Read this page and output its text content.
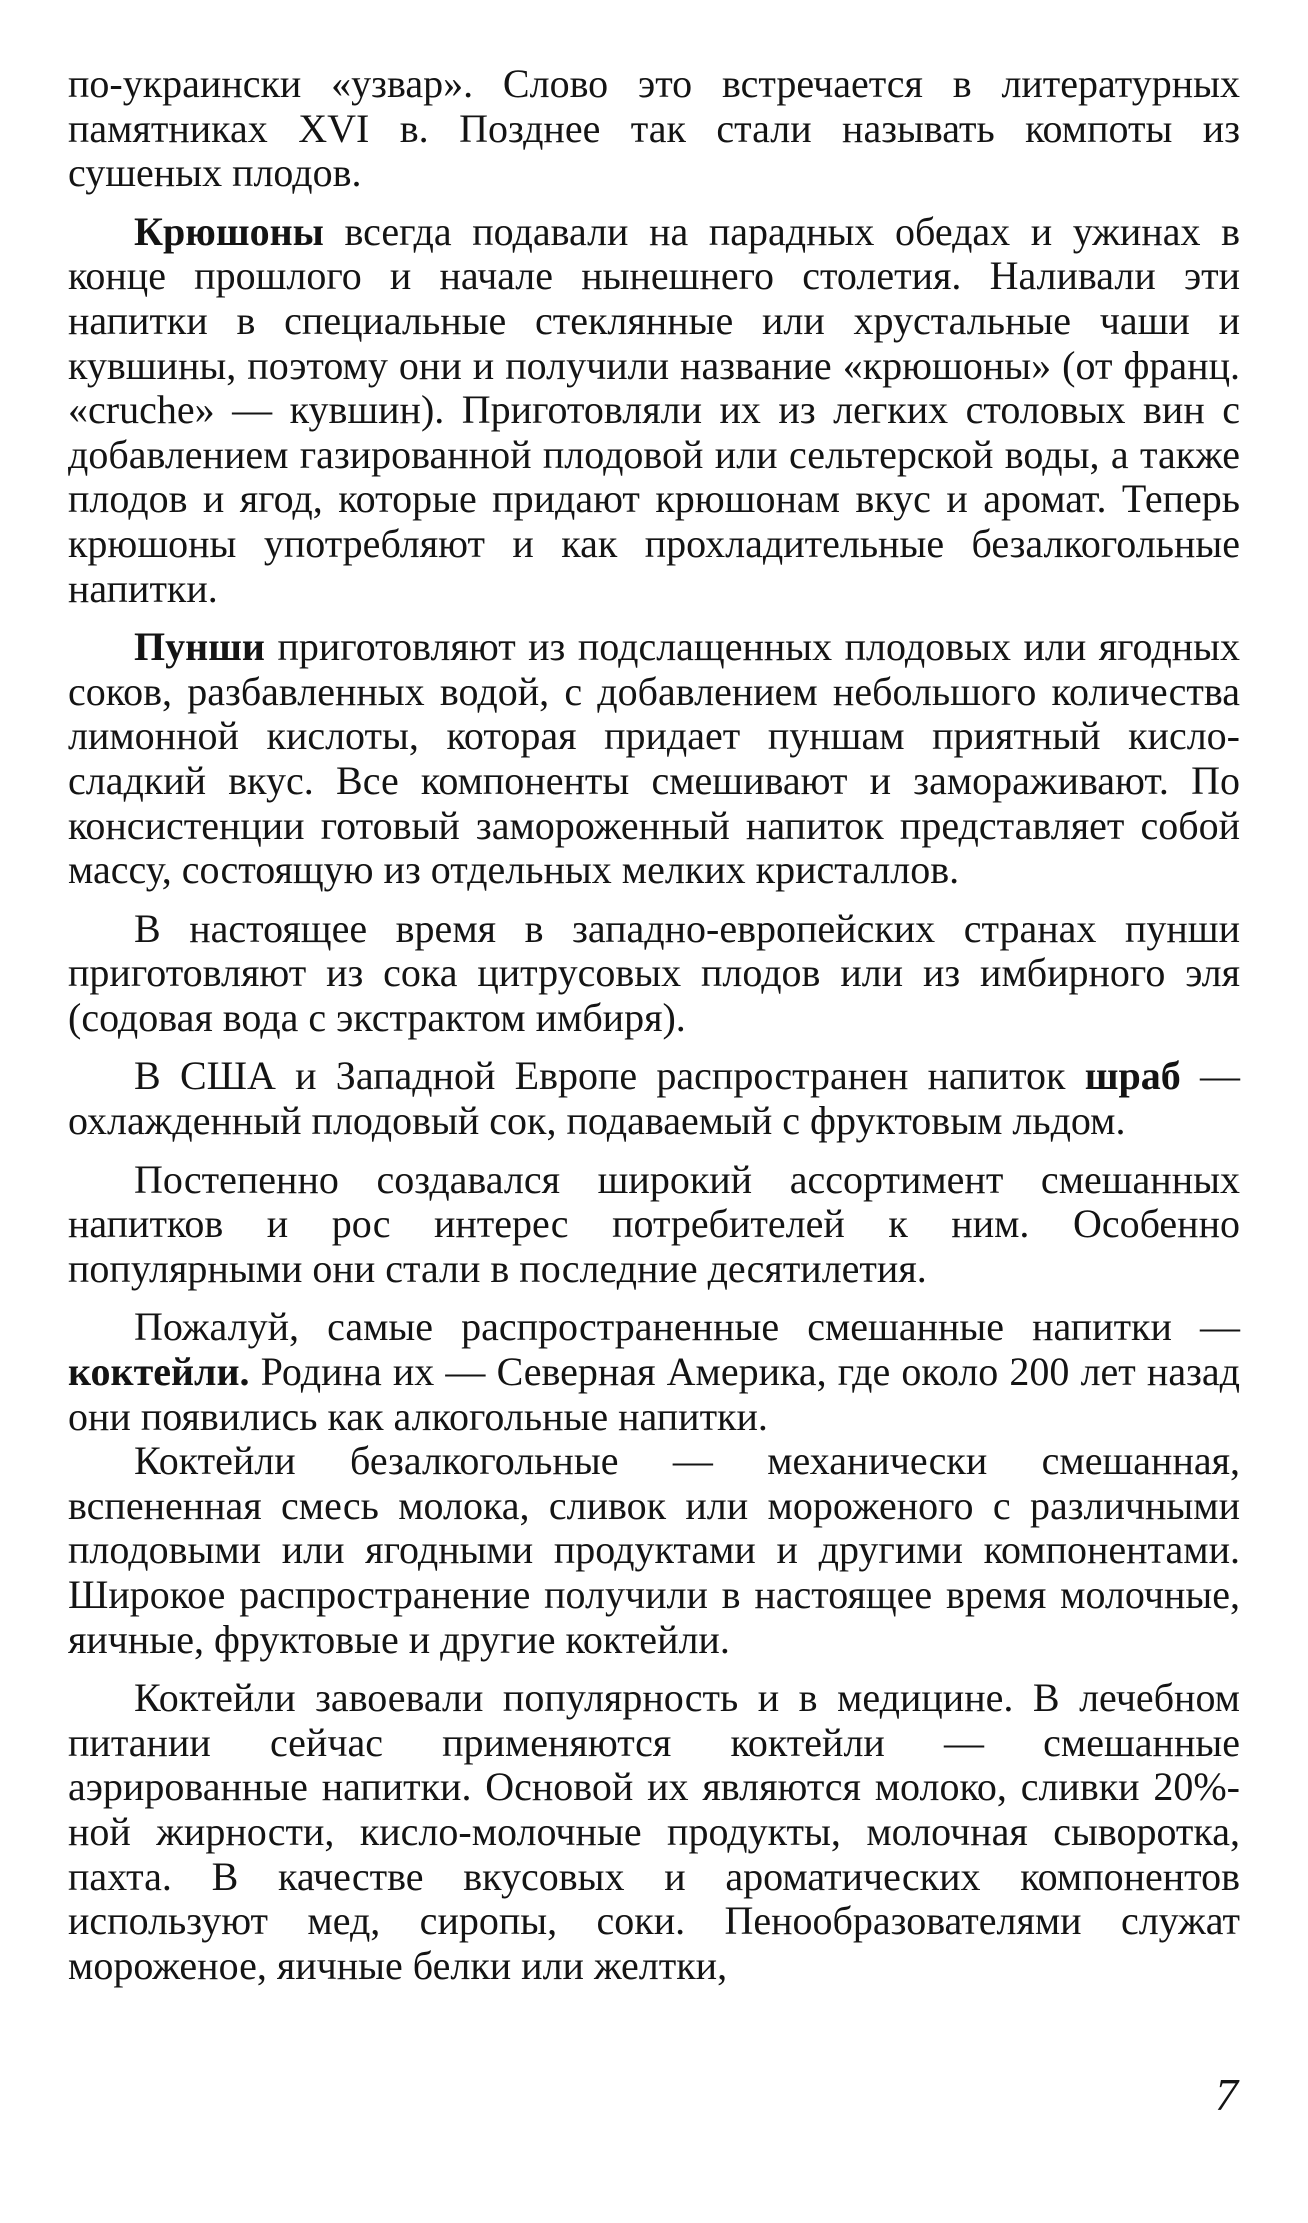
по-украински «узвар». Слово это встречается в литературных памятниках XVI в. Позднее так стали называть компоты из сушеных плодов.

Крюшоны всегда подавали на парадных обедах и ужинах в конце прошлого и начале нынешнего столетия. Наливали эти напитки в специальные стеклянные или хрустальные чаши и кувшины, поэтому они и получили название «крюшоны» (от франц. «cruche» — кувшин). Приготовляли их из легких столовых вин с добавлением газированной плодовой или сельтерской воды, а также плодов и ягод, которые придают крюшонам вкус и аромат. Теперь крюшоны употребляют и как прохладительные безалкогольные напитки.

Пунши приготовляют из подслащенных плодовых или ягодных соков, разбавленных водой, с добавлением небольшого количества лимонной кислоты, которая придает пуншам приятный кисло-сладкий вкус. Все компоненты смешивают и замораживают. По консистенции готовый замороженный напиток представляет собой массу, состоящую из отдельных мелких кристаллов.

В настоящее время в западно-европейских странах пунши приготовляют из сока цитрусовых плодов или из имбирного эля (содовая вода с экстрактом имбиря).

В США и Западной Европе распространен напиток шраб — охлажденный плодовый сок, подаваемый с фруктовым льдом.

Постепенно создавался широкий ассортимент смешанных напитков и рос интерес потребителей к ним. Особенно популярными они стали в последние десятилетия.

Пожалуй, самые распространенные смешанные напитки — коктейли. Родина их — Северная Америка, где около 200 лет назад они появились как алкогольные напитки.

Коктейли безалкогольные — механически смешанная, вспененная смесь молока, сливок или мороженого с различными плодовыми или ягодными продуктами и другими компонентами. Широкое распространение получили в настоящее время молочные, яичные, фруктовые и другие коктейли.

Коктейли завоевали популярность и в медицине. В лечебном питании сейчас применяются коктейли — смешанные аэрированные напитки. Основой их являются молоко, сливки 20%-ной жирности, кисло-молочные продукты, молочная сыворотка, пахта. В качестве вкусовых и ароматических компонентов используют мед, сиропы, соки. Пенообразователями служат мороженое, яичные белки или желтки,

7
